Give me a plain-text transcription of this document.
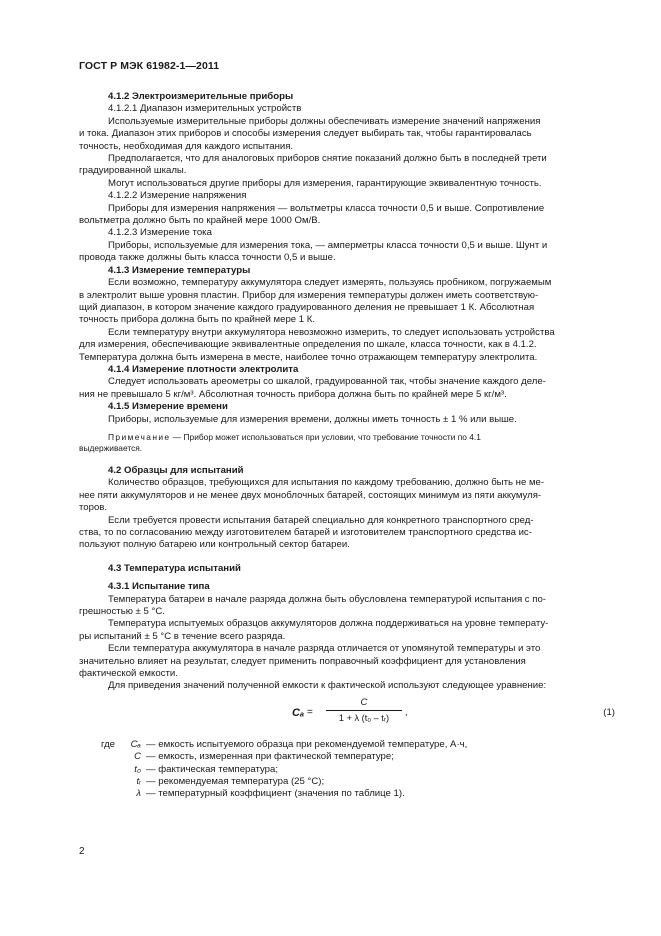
ГОСТ Р МЭК 61982-1—2011
4.1.2 Электроизмерительные приборы
4.1.2.1 Диапазон измерительных устройств
Используемые измерительные приборы должны обеспечивать измерение значений напряжения
и тока. Диапазон этих приборов и способы измерения следует выбирать так, чтобы гарантировалась
точность, необходимая для каждого испытания.
Предполагается, что для аналоговых приборов снятие показаний должно быть в последней трети
градуированной шкалы.
Могут использоваться другие приборы для измерения, гарантирующие эквивалентную точность.
4.1.2.2 Измерение напряжения
Приборы для измерения напряжения — вольтметры класса точности 0,5 и выше. Сопротивление
вольтметра должно быть по крайней мере 1000 Ом/В.
4.1.2.3 Измерение тока
Приборы, используемые для измерения тока, — амперметры класса точности 0,5 и выше. Шунт и
провода также должны быть класса точности 0,5 и выше.
4.1.3 Измерение температуры
Если возможно, температуру аккумулятора следует измерять, пользуясь пробником, погружаемым
в электролит выше уровня пластин. Прибор для измерения температуры должен иметь соответствую-
щий диапазон, в котором значение каждого градуированного деления не превышает 1 К. Абсолютная
точность прибора должна быть по крайней мере 1 К.
Если температуру внутри аккумулятора невозможно измерить, то следует использовать устройства
для измерения, обеспечивающие эквивалентные определения по шкале, класса точности, как в 4.1.2.
Температура должна быть измерена в месте, наиболее точно отражающем температуру электролита.
4.1.4 Измерение плотности электролита
Следует использовать ареометры со шкалой, градуированной так, чтобы значение каждого деле-
ния не превышало 5 кг/м³. Абсолютная точность прибора должна быть по крайней мере 5 кг/м³.
4.1.5 Измерение времени
Приборы, используемые для измерения времени, должны иметь точность ± 1 % или выше.
Примечание — Прибор может использоваться при условии, что требование точности по 4.1
выдерживается.
4.2 Образцы для испытаний
Количество образцов, требующихся для испытания по каждому требованию, должно быть не ме-
нее пяти аккумуляторов и не менее двух моноблочных батарей, состоящих минимум из пяти аккумуля-
торов.
Если требуется провести испытания батарей специально для конкретного транспортного сред-
ства, то по согласованию между изготовителем батарей и изготовителем транспортного средства ис-
пользуют полную батарею или контрольный сектор батареи.
4.3 Температура испытаний
4.3.1 Испытание типа
Температура батареи в начале разряда должна быть обусловлена температурой испытания с по-
грешностью ± 5 °С.
Температура испытуемых образцов аккумуляторов должна поддерживаться на уровне температу-
ры испытаний ± 5 °С в течение всего разряда.
Если температура аккумулятора в начале разряда отличается от упомянутой температуры и это
значительно влияет на результат, следует применить поправочный коэффициент для установления
фактической емкости.
Для приведения значений полученной емкости к фактической используют следующее уравнение:
Cₐ =
C
1 + λ (t₀ – tᵣ)	,	(1)
где	Cₐ — емкость испытуемого образца при рекомендуемой температуре, А·ч,
C — емкость, измеренная при фактической температуре;
t₀ — фактическая температура;
tᵣ — рекомендуемая температура (25 °С);
λ — температурный коэффициент (значения по таблице 1).
2
